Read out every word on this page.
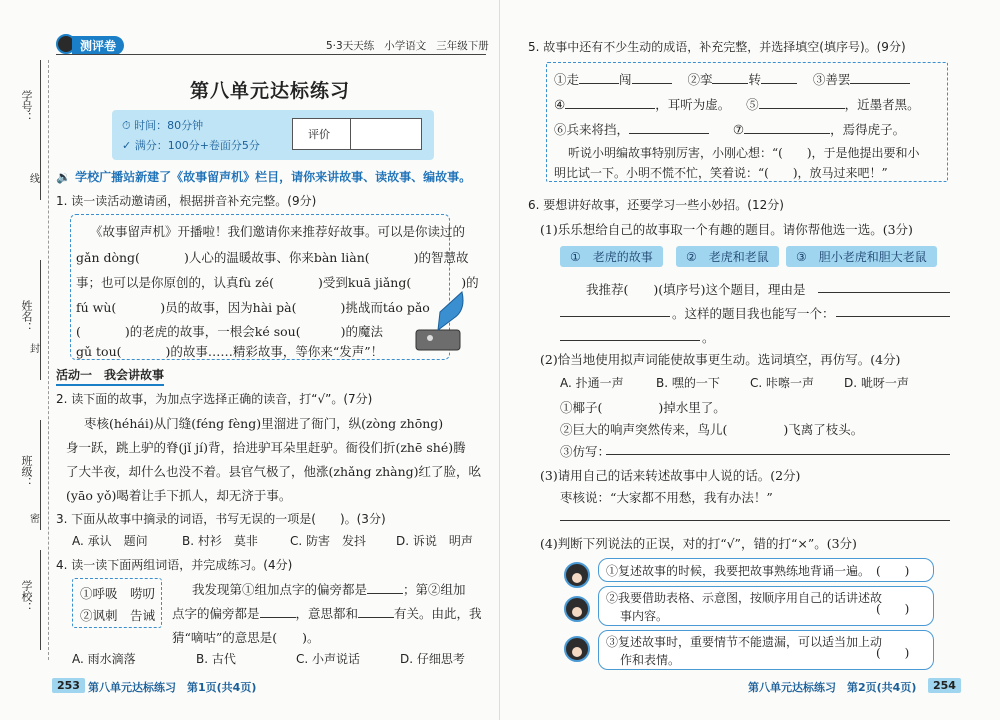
学号：
线
姓名：
封
班级：
密
学校：
测评卷	5·3天天练 小学语文 三年级下册
第八单元达标练习
⏱ 时间：80分钟
✓ 满分：100分+卷面分5分
评价
🔉 学校广播站新建了《故事留声机》栏目，请你来讲故事、读故事、编故事。
1. 读一读活动邀请函，根据拼音补充完整。(9分)
《故事留声机》开播啦！我们邀请你来推荐好故事。可以是你读过的
gǎn dòng(	)人心的温暖故事、你来bàn liàn(	)的智慧故
事；也可以是你原创的，认真fù zé(	)受到kuā jiǎng(	)的
fú wù(	)员的故事，因为hài pà(	)挑战而táo pǎo
(	)的老虎的故事，一根会ké sou(	)的魔法
gǔ tou(	)的故事……精彩故事，等你来“发声”！
活动一　我会讲故事
2. 读下面的故事，为加点字选择正确的读音，打“√”。(7分)
枣核(héhái)从门缝(féng fèng)里溜进了衙门，纵(zòng zhōng)
身一跃，跳上驴的脊(jǐ jí)背，拾进驴耳朵里赶驴。衙役们折(zhē shé)腾
了大半夜，却什么也没不着。县官气极了，他涨(zhǎng zhàng)红了脸，吆
(yāo yǒ)喝着让手下抓人，却无济于事。
3. 下面从故事中摘录的词语，书写无误的一项是(　　)。(3分)
A. 承认　题问	B. 村衫　莫非	C. 防害　发抖 D. 诉说　明声
4. 读一读下面两组词语，并完成练习。(4分)
①呼吸　唠叨
②讽刺　告诫
我发现第①组加点字的偏旁都是	；第②组加
点字的偏旁都是	，意思都和	有关。由此，我
猜“嘀咕”的意思是(　　)。
A. 雨水滴落	B. 古代	C. 小声说话	D. 仔细思考
253 第八单元达标练习　第1页(共4页)
5. 故事中还有不少生动的成语，补充完整，并选择填空(填序号)。(9分)
①走	闯	②挛	转	③善罢
④	，耳听为虚。 ⑤	，近墨者黑。
⑥兵来将挡，	⑦	，焉得虎子。
听说小明编故事特别厉害，小刚心想：“(　　)，于是他提出要和小
明比试一下。小明不慌不忙，笑着说：“(　　)，放马过来吧！”
6. 要想讲好故事，还要学习一些小妙招。(12分)
(1)乐乐想给自己的故事取一个有趣的题目。请你帮他选一选。(3分)
①　老虎的故事	②　老虎和老鼠	③　胆小老虎和胆大老鼠
我推荐(　　)(填序号)这个题目，理由是
。这样的题目我也能写一个：
。
(2)恰当地使用拟声词能使故事更生动。选词填空，再仿写。(4分)
A. 扑通一声	B. 嘿的一下	C. 咔嚓一声 D. 呲呀一声
①椰子(	)掉水里了。
②巨大的响声突然传来，鸟儿(	)飞离了枝头。
③仿写：
(3)请用自己的话来转述故事中人说的话。(2分)
枣核说：“大家都不用愁，我有办法！”
(4)判断下列说法的正误，对的打“√”，错的打“×”。(3分)
①复述故事的时候，我要把故事熟练地背诵一遍。 (　　)
②我要借助表格、示意图，按顺序用自己的话讲述故
事内容。	(　　)
③复述故事时，重要情节不能遗漏，可以适当加上动
作和表情。	(　　)
第八单元达标练习　第2页(共4页)	254
